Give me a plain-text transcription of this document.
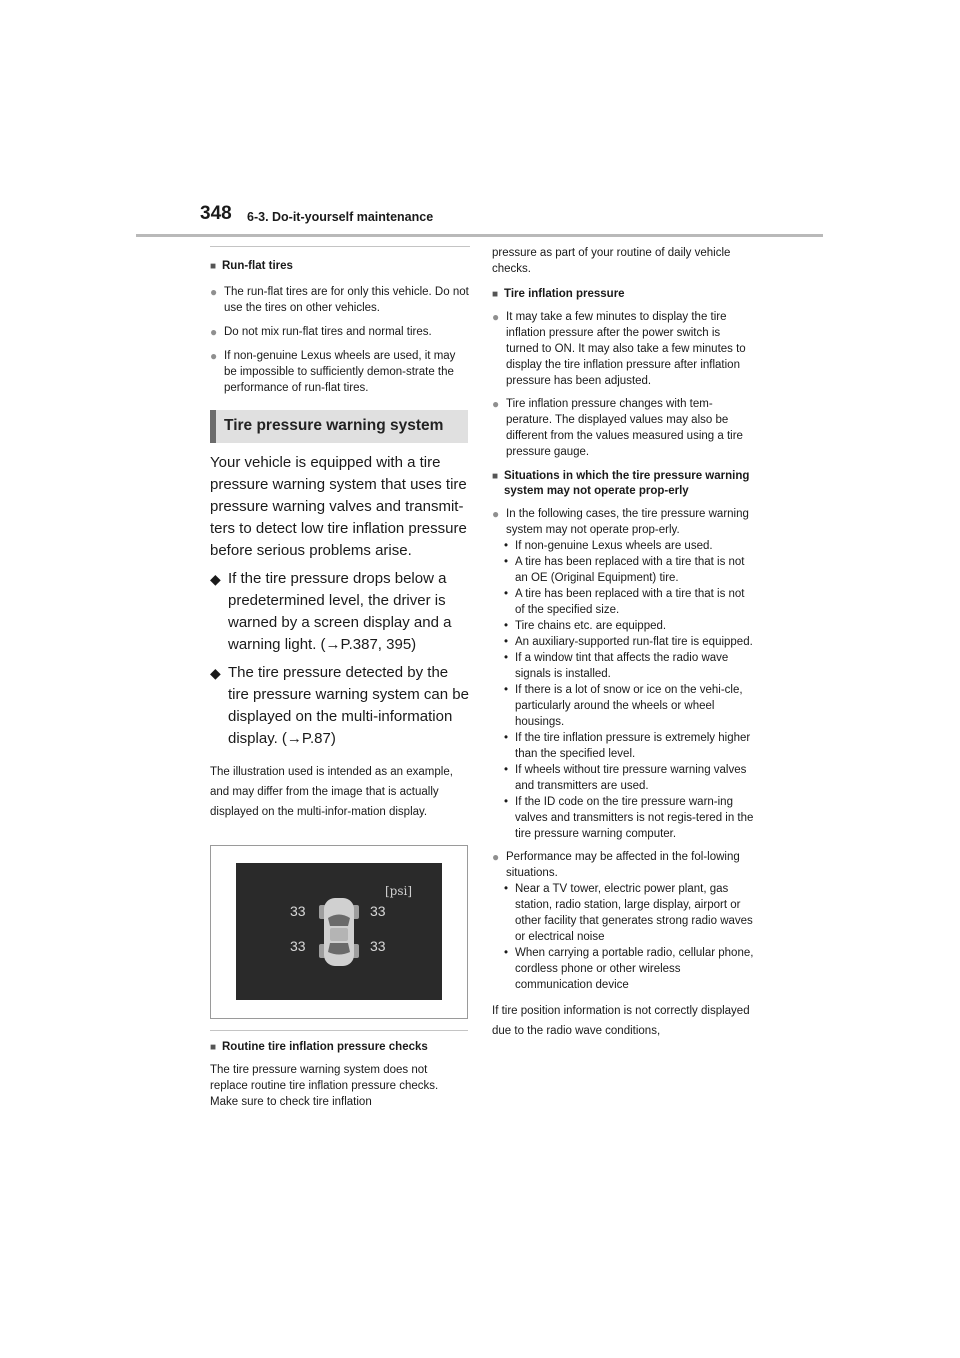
348 6-3. Do-it-yourself maintenance
■ Run-flat tires
● The run-flat tires are for only this vehicle. Do not use the tires on other vehicles.
● Do not mix run-flat tires and normal tires.
● If non-genuine Lexus wheels are used, it may be impossible to sufficiently demon-strate the performance of run-flat tires.
Tire pressure warning system
Your vehicle is equipped with a tire pressure warning system that uses tire pressure warning valves and transmit-ters to detect low tire inflation pressure before serious problems arise.
◆ If the tire pressure drops below a predetermined level, the driver is warned by a screen display and a warning light. (→P.387, 395)
◆ The tire pressure detected by the tire pressure warning system can be displayed on the multi-information display. (→P.87)
The illustration used is intended as an example, and may differ from the image that is actually displayed on the multi-infor-mation display.
[psi]
33	33
33	33
■ Routine tire inflation pressure checks
The tire pressure warning system does not replace routine tire inflation pressure checks. Make sure to check tire inflation
pressure as part of your routine of daily vehicle checks.
■ Tire inflation pressure
● It may take a few minutes to display the tire inflation pressure after the power switch is turned to ON. It may also take a few minutes to display the tire inflation pressure after inflation pressure has been adjusted.
● Tire inflation pressure changes with tem-perature. The displayed values may also be different from the values measured using a tire pressure gauge.
■ Situations in which the tire pressure warning system may not operate prop-erly
● In the following cases, the tire pressure warning system may not operate prop-erly.
• If non-genuine Lexus wheels are used.
• A tire has been replaced with a tire that is not an OE (Original Equipment) tire.
• A tire has been replaced with a tire that is not of the specified size.
• Tire chains etc. are equipped.
• An auxiliary-supported run-flat tire is equipped.
• If a window tint that affects the radio wave signals is installed.
• If there is a lot of snow or ice on the vehi-cle, particularly around the wheels or wheel housings.
• If the tire inflation pressure is extremely higher than the specified level.
• If wheels without tire pressure warning valves and transmitters are used.
• If the ID code on the tire pressure warn-ing valves and transmitters is not regis-tered in the tire pressure warning computer.
● Performance may be affected in the fol-lowing situations.
• Near a TV tower, electric power plant, gas station, radio station, large display, airport or other facility that generates strong radio waves or electrical noise
• When carrying a portable radio, cellular phone, cordless phone or other wireless communication device
If tire position information is not correctly displayed due to the radio wave conditions,
